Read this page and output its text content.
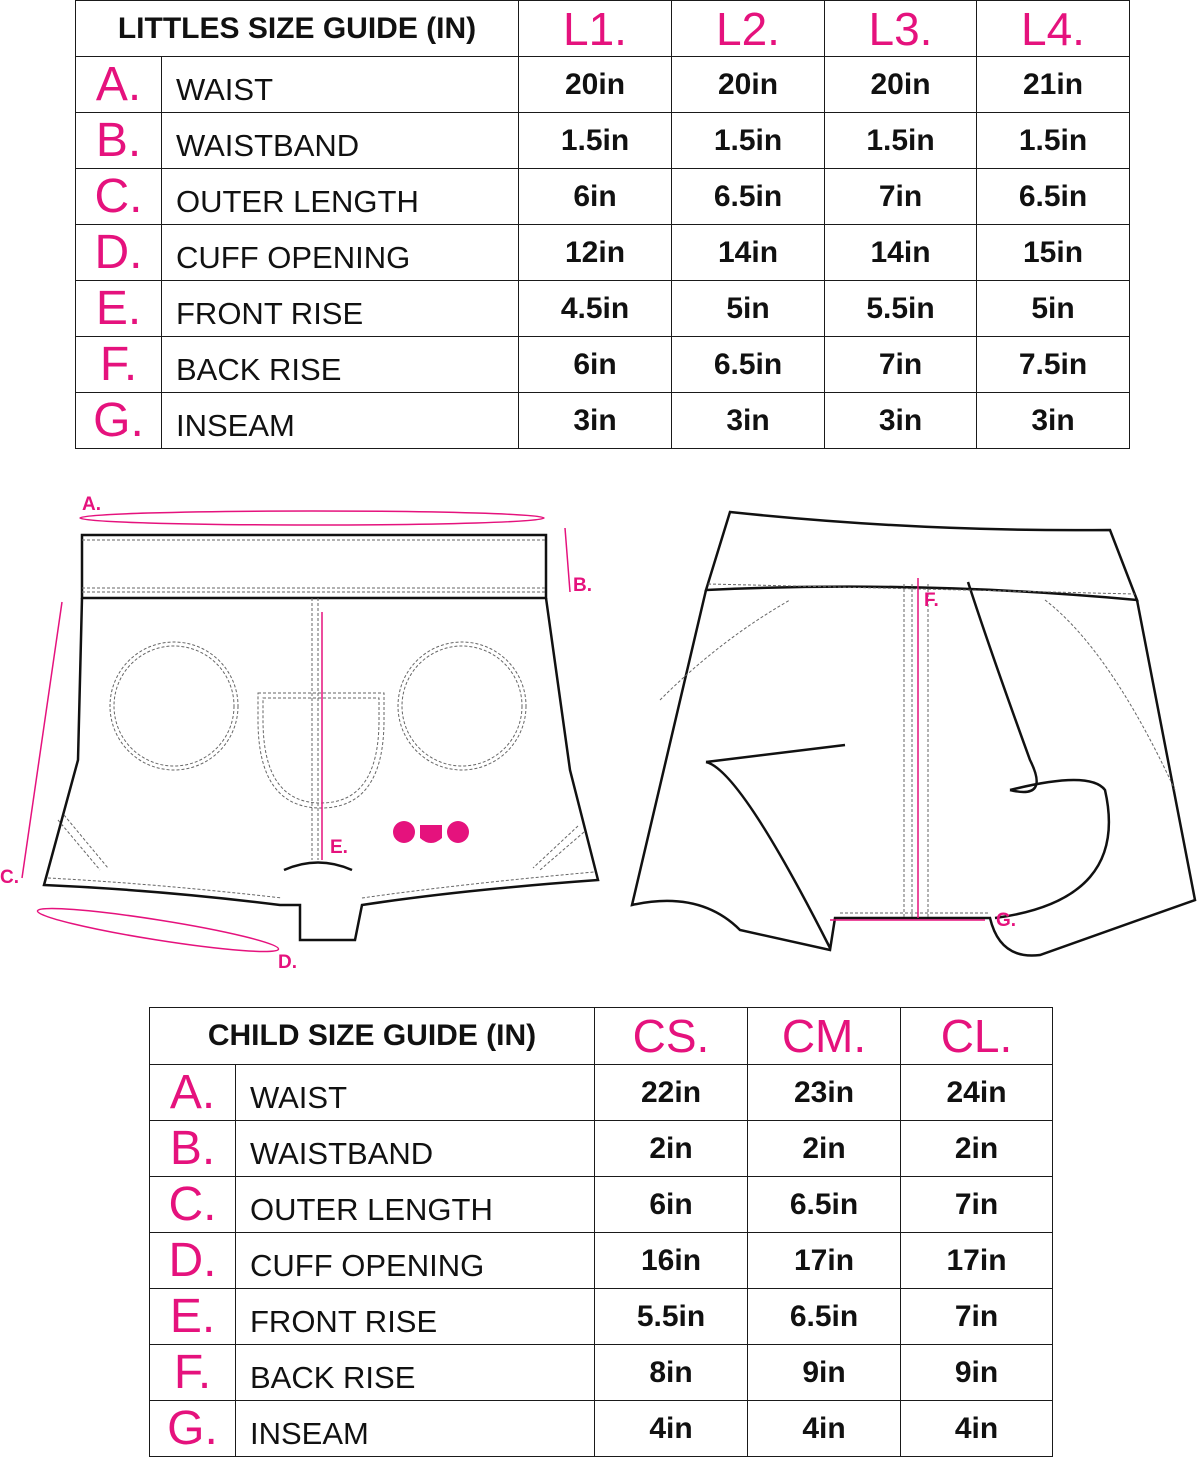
LITTLES SIZE GUIDE (IN)		L1.	L2.	L3.	L4.
A.	WAIST	20in	20in	20in	21in
B.	WAISTBAND	1.5in	1.5in	1.5in	1.5in
C.	OUTER LENGTH	6in	6.5in	7in	6.5in
D.	CUFF OPENING	12in	14in	14in	15in
E.	FRONT RISE	4.5in	5in	5.5in	5in
F.	BACK RISE	6in	6.5in	7in	7.5in
G.	INSEAM	3in	3in	3in	3in
A.
B.
C.
D.
E.
F.
G.
CHILD SIZE GUIDE (IN)		CS.	CM.	CL.
A.	WAIST	22in	23in	24in
B.	WAISTBAND	2in	2in	2in
C.	OUTER LENGTH	6in	6.5in	7in
D.	CUFF OPENING	16in	17in	17in
E.	FRONT RISE	5.5in	6.5in	7in
F.	BACK RISE	8in	9in	9in
G.	INSEAM	4in	4in	4in
